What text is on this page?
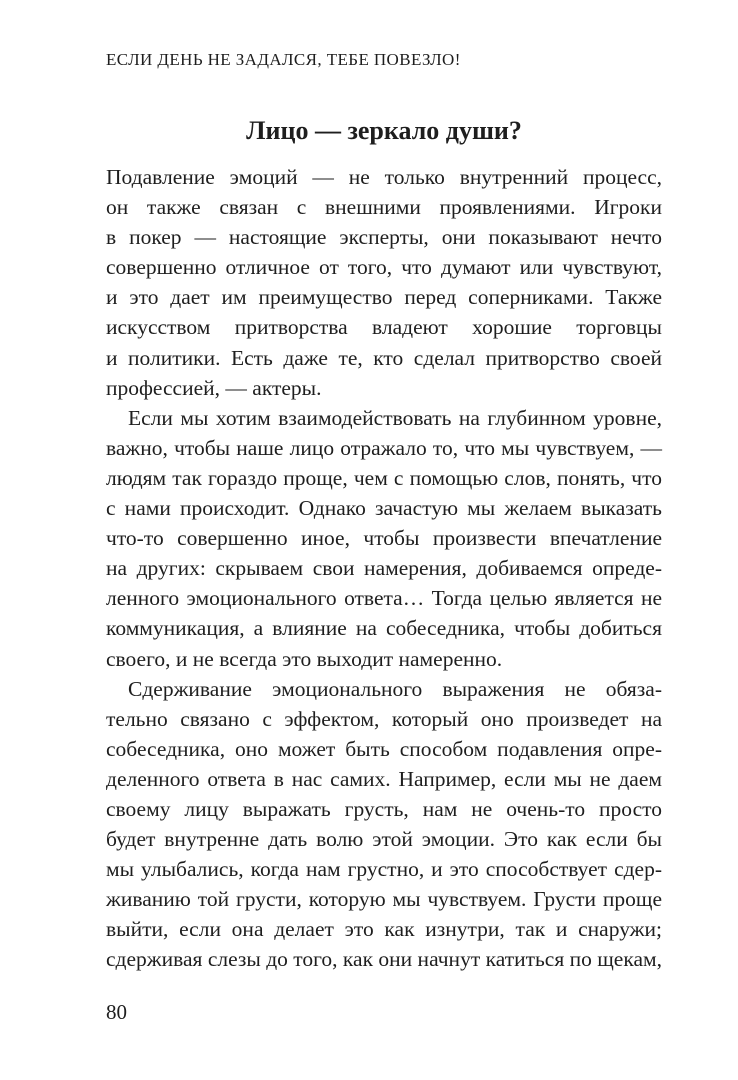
ЕСЛИ ДЕНЬ НЕ ЗАДАЛСЯ, ТЕБЕ ПОВЕЗЛО!
Лицо — зеркало души?
Подавление эмоций — не только внутренний процесс,
он также связан с внешними проявлениями. Игроки
в покер — настоящие эксперты, они показывают нечто
совершенно отличное от того, что думают или чувствуют,
и это дает им преимущество перед соперниками. Также
искусством притворства владеют хорошие торговцы
и политики. Есть даже те, кто сделал притворство своей
профессией, — актеры.
Если мы хотим взаимодействовать на глубинном уровне,
важно, чтобы наше лицо отражало то, что мы чувствуем, —
людям так гораздо проще, чем с помощью слов, понять, что
с нами происходит. Однако зачастую мы желаем выказать
что-то совершенно иное, чтобы произвести впечатление
на других: скрываем свои намерения, добиваемся опреде-
ленного эмоционального ответа… Тогда целью является не
коммуникация, а влияние на собеседника, чтобы добиться
своего, и не всегда это выходит намеренно.
Сдерживание эмоционального выражения не обяза-
тельно связано с эффектом, который оно произведет на
собеседника, оно может быть способом подавления опре-
деленного ответа в нас самих. Например, если мы не даем
своему лицу выражать грусть, нам не очень-то просто
будет внутренне дать волю этой эмоции. Это как если бы
мы улыбались, когда нам грустно, и это способствует сдер-
живанию той грусти, которую мы чувствуем. Грусти проще
выйти, если она делает это как изнутри, так и снаружи;
сдерживая слезы до того, как они начнут катиться по щекам,
80
